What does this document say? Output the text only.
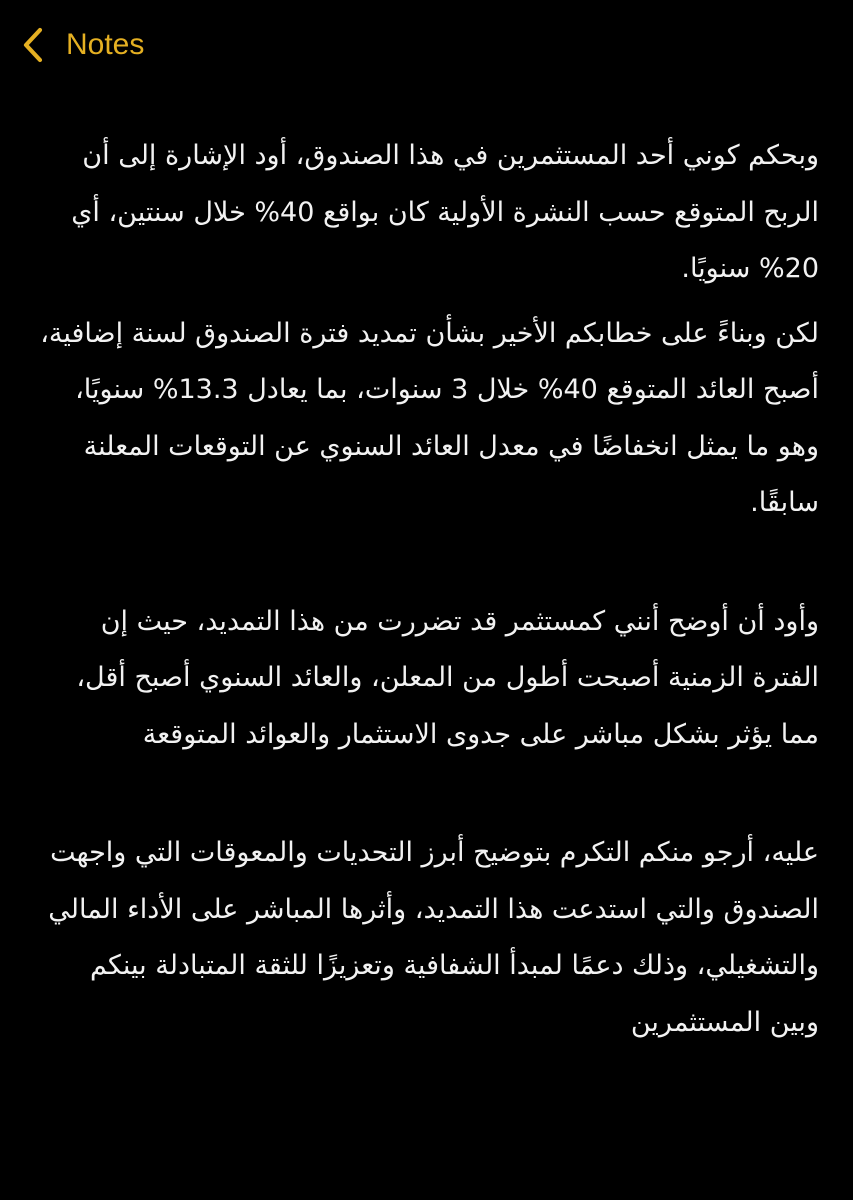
Notes

وبحكم كوني أحد المستثمرين في هذا الصندوق، أود الإشارة إلى أن الربح المتوقع حسب النشرة الأولية كان بواقع 40% خلال سنتين، أي 20% سنويًا.

لكن وبناءً على خطابكم الأخير بشأن تمديد فترة الصندوق لسنة إضافية، أصبح العائد المتوقع 40% خلال 3 سنوات، بما يعادل 13.3% سنويًا، وهو ما يمثل انخفاضًا في معدل العائد السنوي عن التوقعات المعلنة سابقًا.

وأود أن أوضح أنني كمستثمر قد تضررت من هذا التمديد، حيث إن الفترة الزمنية أصبحت أطول من المعلن، والعائد السنوي أصبح أقل، مما يؤثر بشكل مباشر على جدوى الاستثمار والعوائد المتوقعة

عليه، أرجو منكم التكرم بتوضيح أبرز التحديات والمعوقات التي واجهت الصندوق والتي استدعت هذا التمديد، وأثرها المباشر على الأداء المالي والتشغيلي، وذلك دعمًا لمبدأ الشفافية وتعزيزًا للثقة المتبادلة بينكم وبين المستثمرين
